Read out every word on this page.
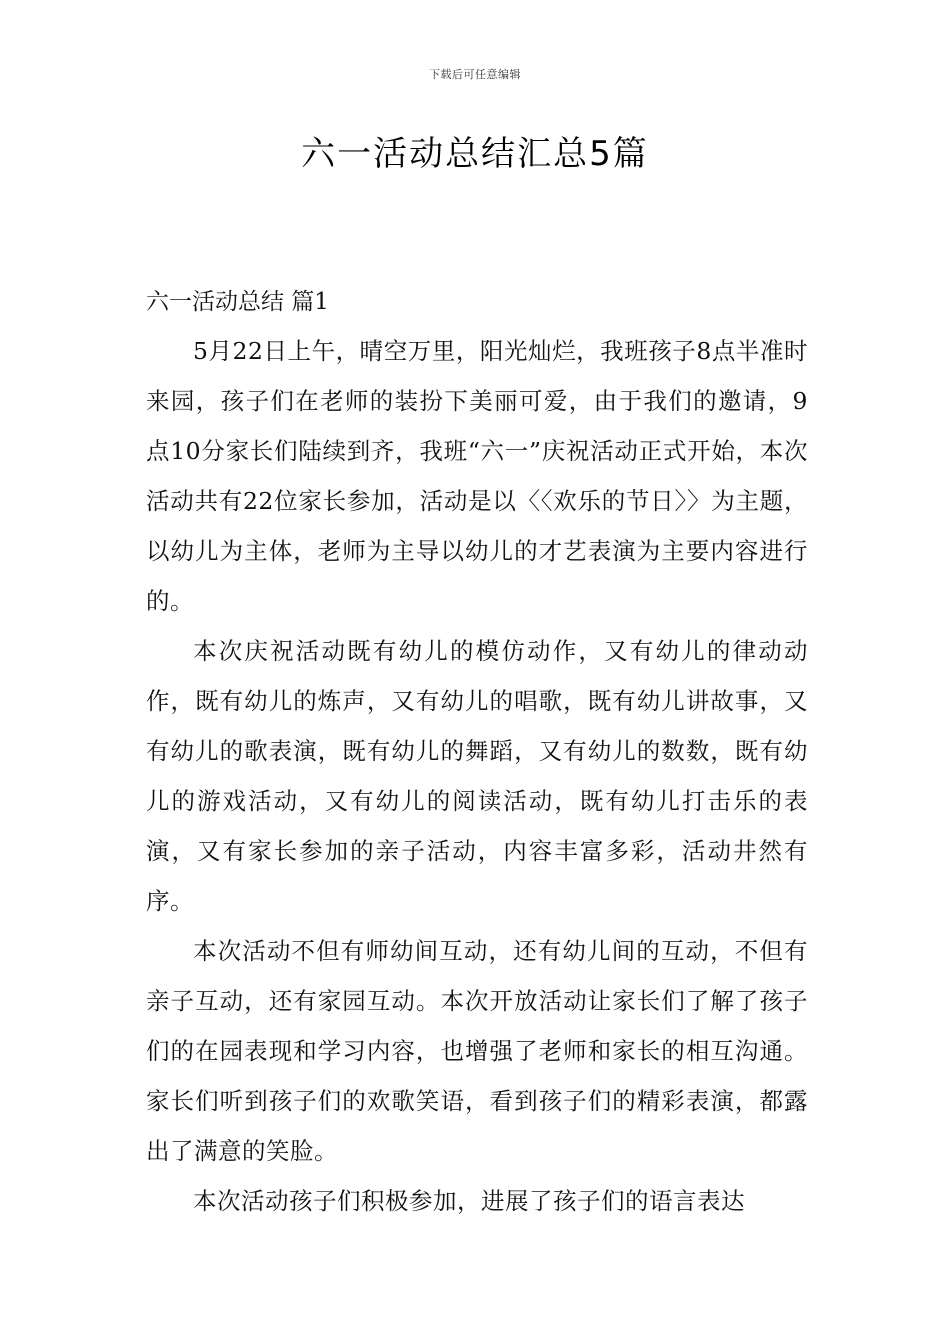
下载后可任意编辑
六一活动总结汇总5篇
六一活动总结 篇1

5月22日上午，晴空万里，阳光灿烂，我班孩子8点半准时来园，孩子们在老师的装扮下美丽可爱，由于我们的邀请，9点10分家长们陆续到齐，我班“六一”庆祝活动正式开始，本次活动共有22位家长参加，活动是以〈〈欢乐的节日〉〉为主题，以幼儿为主体，老师为主导以幼儿的才艺表演为主要内容进行的。

本次庆祝活动既有幼儿的模仿动作，又有幼儿的律动动作，既有幼儿的炼声，又有幼儿的唱歌，既有幼儿讲故事，又有幼儿的歌表演，既有幼儿的舞蹈，又有幼儿的数数，既有幼儿的游戏活动，又有幼儿的阅读活动，既有幼儿打击乐的表演，又有家长参加的亲子活动，内容丰富多彩，活动井然有序。

本次活动不但有师幼间互动，还有幼儿间的互动，不但有亲子互动，还有家园互动。本次开放活动让家长们了解了孩子们的在园表现和学习内容，也增强了老师和家长的相互沟通。家长们听到孩子们的欢歌笑语，看到孩子们的精彩表演，都露出了满意的笑脸。

本次活动孩子们积极参加，进展了孩子们的语言表达
